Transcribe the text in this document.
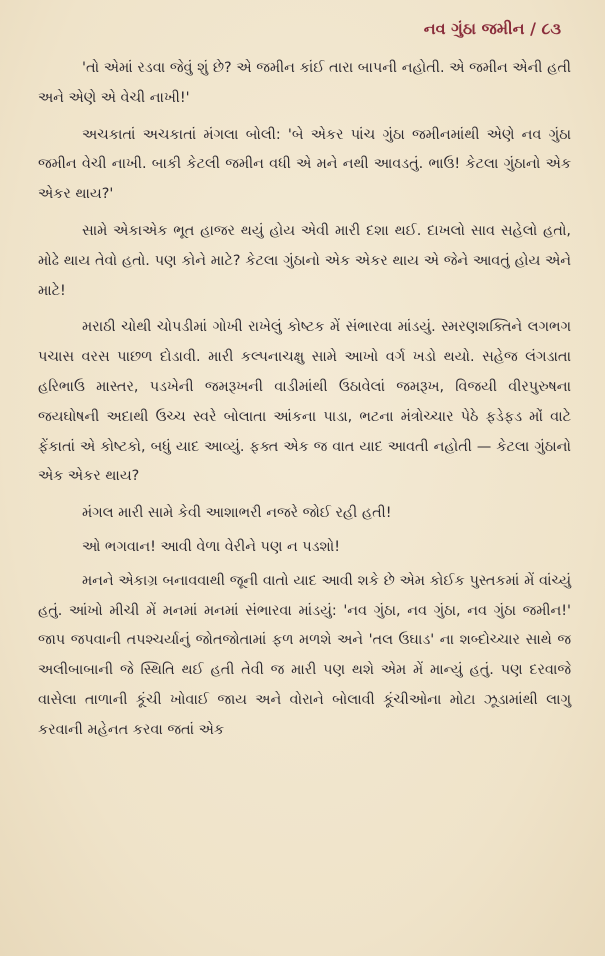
નવ ગુંઠા જમીન / ૮૩

'તો એમાં રડવા જેવું શું છે? એ જમીન કાંઈ તારા બાપની નહોતી. એ જમીન એની હતી અને એણે એ વેચી નાખી!'

અચકાતાં અચકાતાં મંગલા બોલી: 'બે એકર પાંચ ગુંઠા જમીનમાંથી એણે નવ ગુંઠા જમીન વેચી નાખી. બાકી કેટલી જમીન વધી એ મને નથી આવડતું. ભાઉ! કેટલા ગુંઠાનો એક એકર થાય?'

સામે એકાએક ભૂત હાજર થયું હોય એવી મારી દશા થઈ. દાખલો સાવ સહેલો હતો, મોઢે થાય તેવો હતો. પણ કોને માટે? કેટલા ગુંઠાનો એક એકર થાય એ જેને આવતું હોય એને માટે!

મરાઠી ચોથી ચોપડીમાં ગોખી રાખેલું કોષ્ટક મેં સંભારવા માંડયું. સ્મરણશક્તિને લગભગ પચાસ વરસ પાછળ દોડાવી. મારી કલ્પનાચક્ષુ સામે આખો વર્ગ ખડો થયો. સહેજ લંગડાતા હરિભાઉ માસ્તર, પડખેની જમરૂખની વાડીમાંથી ઉઠાવેલાં જમરૂખ, વિજયી વીરપુરુષના જયઘોષની અદાથી ઉચ્ચ સ્વરે બોલાતા આંકના પાડા, ભટના મંત્રોચ્ચાર પેઠે ફડેફડ મોં વાટે ફેંકાતાં એ કોષ્ટકો, બધું યાદ આવ્યું. ફક્ત એક જ વાત યાદ આવતી નહોતી — કેટલા ગુંઠાનો એક એકર થાય?

મંગલ મારી સામે કેવી આશાભરી નજરે જોઈ રહી હતી!

ઓ ભગવાન! આવી વેળા વેરીને પણ ન પડશો!

મનને એકાગ્ર બનાવવાથી જૂની વાતો યાદ આવી શકે છે એમ કોઈક પુસ્તકમાં મેં વાંચ્યું હતું. આંખો મીચી મેં મનમાં મનમાં સંભારવા માંડયું: 'નવ ગુંઠા, નવ ગુંઠા, નવ ગુંઠા જમીન!' જાપ જપવાની તપશ્ચર્યાનું જોતજોતામાં ફળ મળશે અને 'તલ ઉઘાડ' ના શબ્દોચ્ચાર સાથે જ અલીબાબાની જે સ્થિતિ થઈ હતી તેવી જ મારી પણ થશે એમ મેં માન્યું હતું. પણ દરવાજે વાસેલા તાળાની કૂંચી ખોવાઈ જાય અને વોરાને બોલાવી કૂંચીઓના મોટા ઝૂડામાંથી લાગુ કરવાની મહેનત કરવા જતાં એક
